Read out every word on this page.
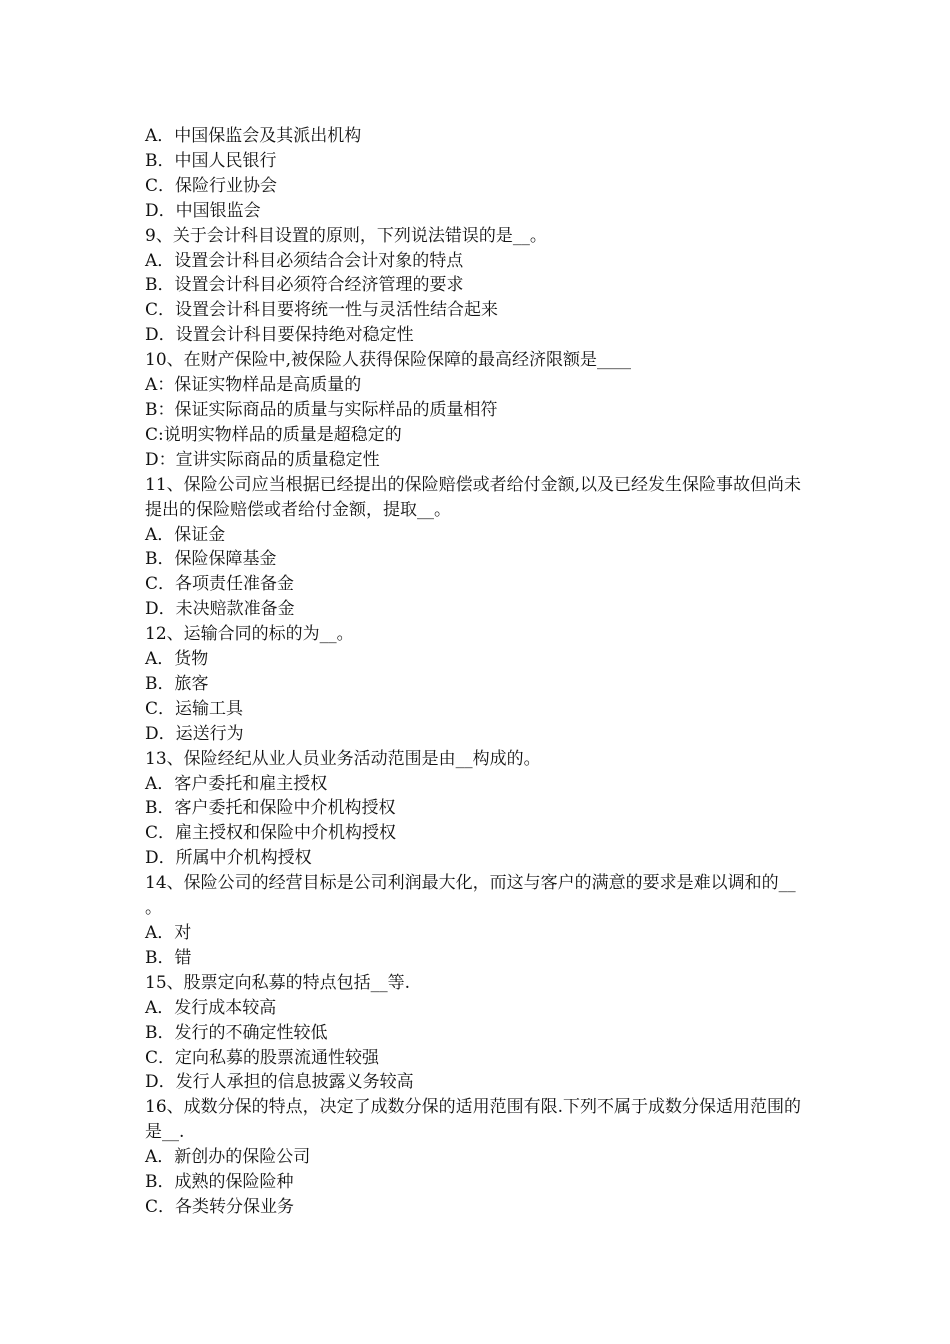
A．中国保监会及其派出机构

B．中国人民银行

C．保险行业协会

D．中国银监会

9、关于会计科目设置的原则，下列说法错误的是__。

A．设置会计科目必须结合会计对象的特点

B．设置会计科目必须符合经济管理的要求

C．设置会计科目要将统一性与灵活性结合起来

D．设置会计科目要保持绝对稳定性

10、在财产保险中,被保险人获得保险保障的最高经济限额是____

A：保证实物样品是高质量的

B：保证实际商品的质量与实际样品的质量相符

C:说明实物样品的质量是超稳定的

D：宣讲实际商品的质量稳定性

11、保险公司应当根据已经提出的保险赔偿或者给付金额,以及已经发生保险事故但尚未提出的保险赔偿或者给付金额，提取__。

A．保证金

B．保险保障基金

C．各项责任准备金

D．未决赔款准备金

12、运输合同的标的为__。

A．货物

B．旅客

C．运输工具

D．运送行为

13、保险经纪从业人员业务活动范围是由__构成的。

A．客户委托和雇主授权

B．客户委托和保险中介机构授权

C．雇主授权和保险中介机构授权

D．所属中介机构授权

14、保险公司的经营目标是公司利润最大化，而这与客户的满意的要求是难以调和的__ 。

A．对

B．错

15、股票定向私募的特点包括__等.

A．发行成本较高

B．发行的不确定性较低

C．定向私募的股票流通性较强

D．发行人承担的信息披露义务较高

16、成数分保的特点，决定了成数分保的适用范围有限.下列不属于成数分保适用范围的是__.

A．新创办的保险公司

B．成熟的保险险种

C．各类转分保业务
